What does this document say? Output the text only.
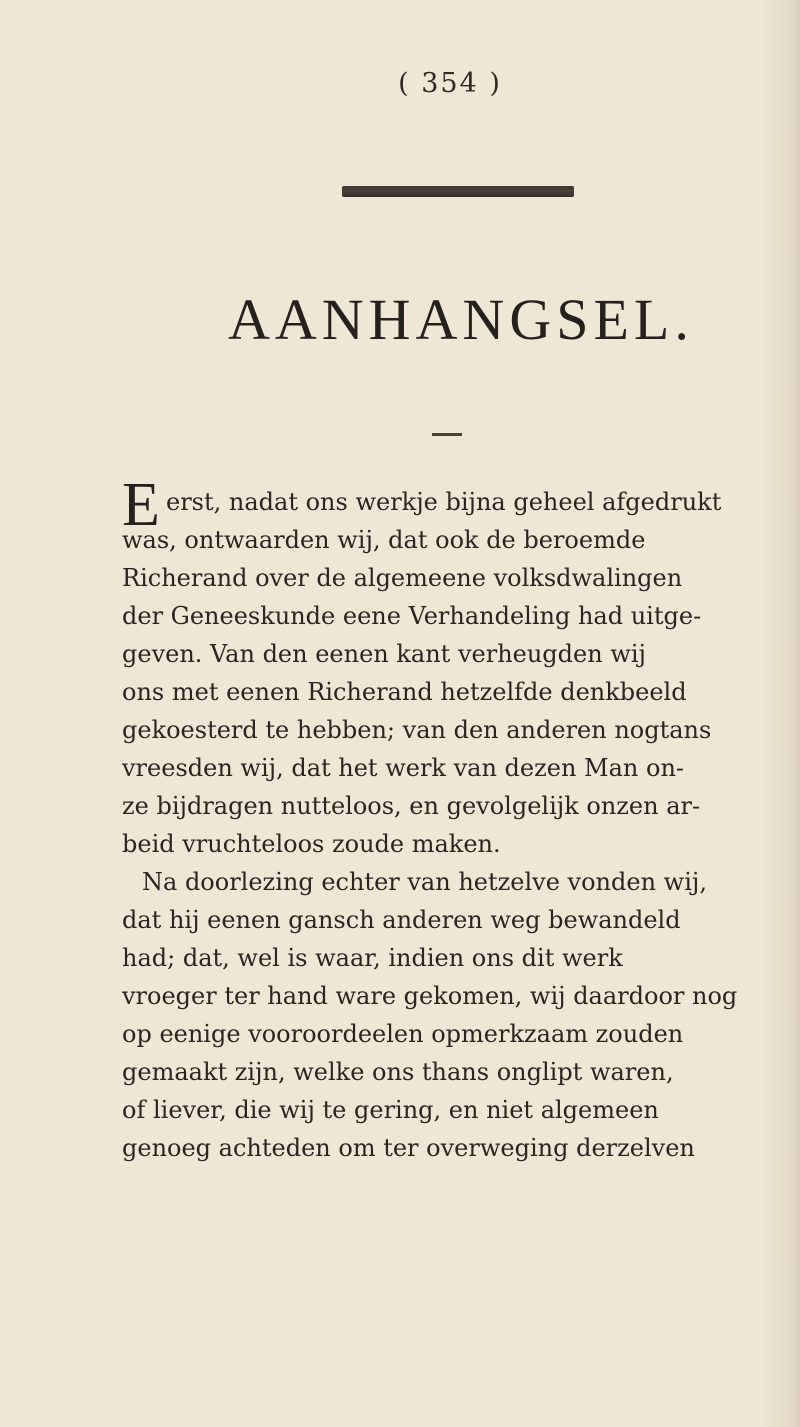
( 354 )
AANHANGSEL.
erst, nadat ons werkje bijna geheel afgedrukt
E
was, ontwaarden wij, dat ook de beroemde
Richerand over de algemeene volksdwalingen
der Geneeskunde eene Verhandeling had uitge-
geven. Van den eenen kant verheugden wij
ons met eenen Richerand hetzelfde denkbeeld
gekoesterd te hebben; van den anderen nogtans
vreesden wij, dat het werk van dezen Man on-
ze bijdragen nutteloos, en gevolgelijk onzen ar-
beid vruchteloos zoude maken.
Na doorlezing echter van hetzelve vonden wij,
dat hij eenen gansch anderen weg bewandeld
had; dat, wel is waar, indien ons dit werk
vroeger ter hand ware gekomen, wij daardoor nog
op eenige vooroordeelen opmerkzaam zouden
gemaakt zijn, welke ons thans onglipt waren,
of liever, die wij te gering, en niet algemeen
genoeg achteden om ter overweging derzelven
